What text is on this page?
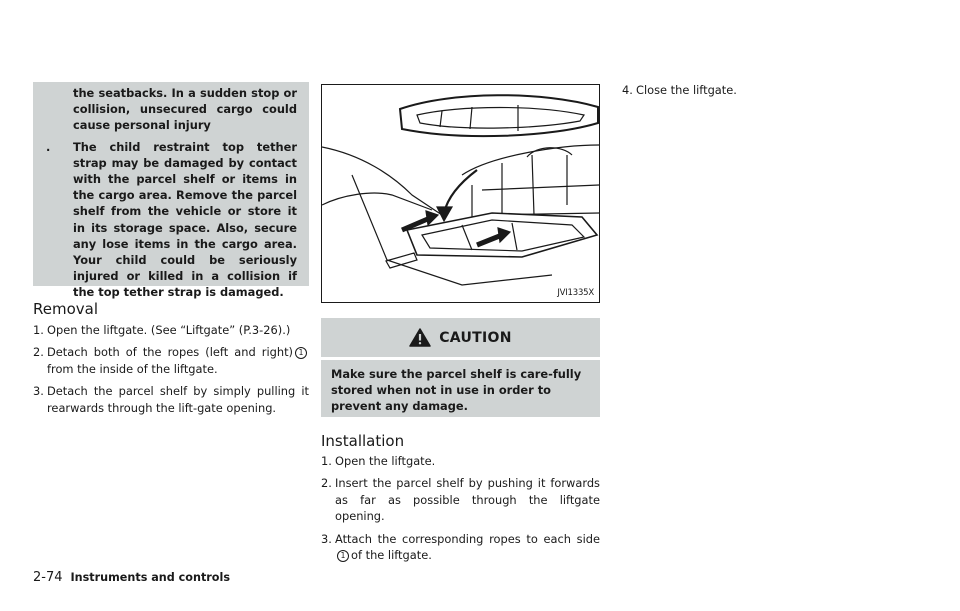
the seatbacks. In a sudden stop or collision, unsecured cargo could cause personal injury
. The child restraint top tether strap may be damaged by contact with the parcel shelf or items in the cargo area. Remove the parcel shelf from the vehicle or store it in its storage space. Also, secure any lose items in the cargo area. Your child could be seriously injured or killed in a collision if the top tether strap is damaged.
Removal
1. Open the liftgate. (See “Liftgate” (P.3-26).)
2. Detach both of the ropes (left and right) 1from the inside of the liftgate.
3. Detach the parcel shelf by simply pulling it rearwards through the lift-gate opening.
JVI1335X
CAUTION
Make sure the parcel shelf is care-fully stored when not in use in order to prevent any damage.
Installation
1. Open the liftgate.
2. Insert the parcel shelf by pushing it forwards as far as possible through the liftgate opening.
3. Attach the corresponding ropes to each side1 of the liftgate.
4. Close the liftgate.
2-74 Instruments and controls
